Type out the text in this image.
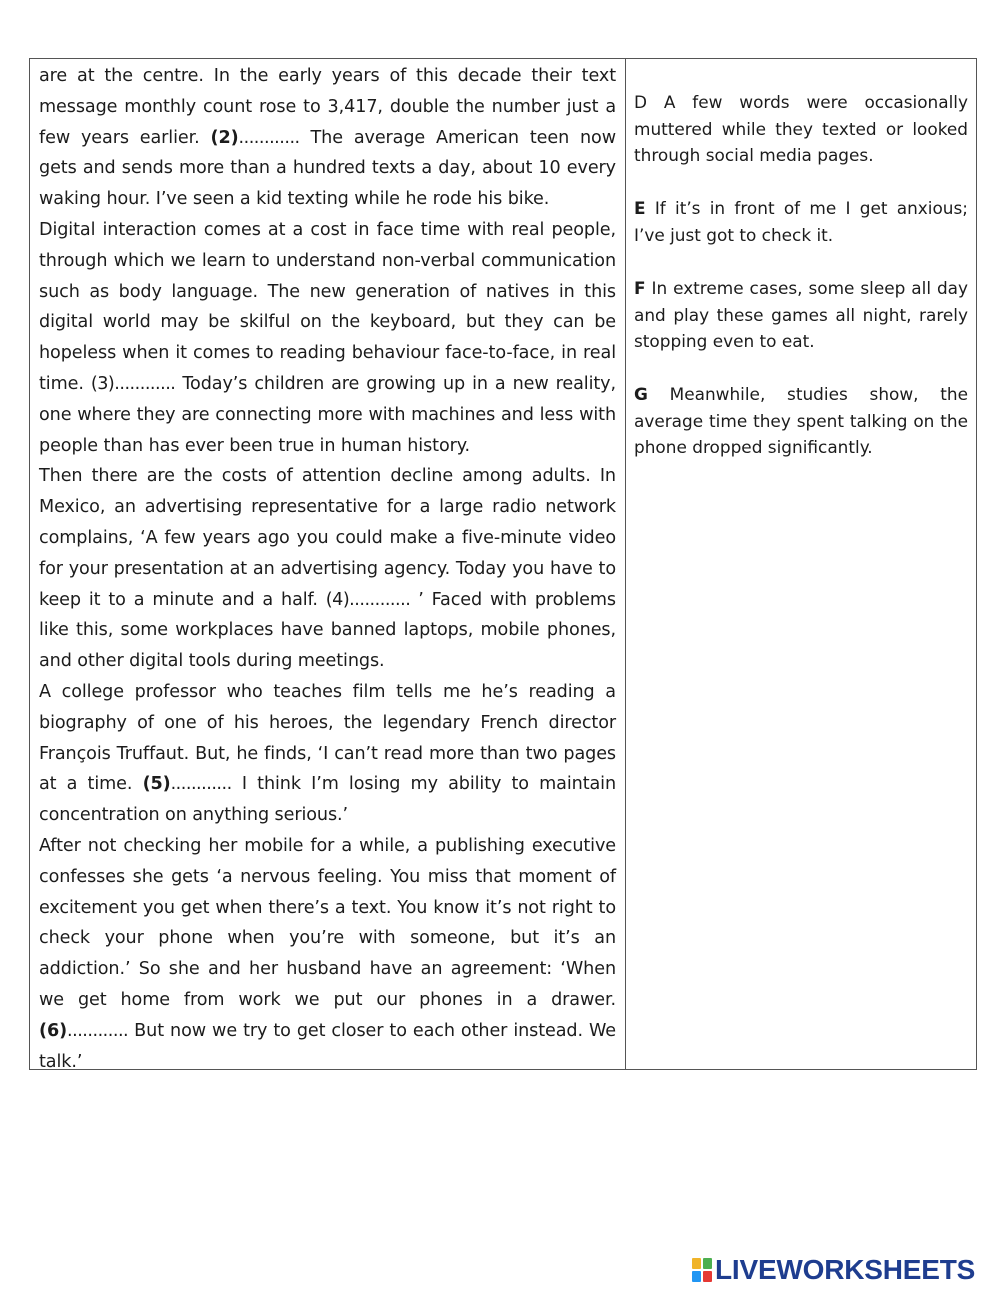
are at the centre. In the early years of this decade their text message monthly count rose to 3,417, double the number just a few years earlier. (2)............ The average American teen now gets and sends more than a hundred texts a day, about 10 every waking hour. I’ve seen a kid texting while he rode his bike.

Digital interaction comes at a cost in face time with real people, through which we learn to understand non-verbal communication such as body language. The new generation of natives in this digital world may be skilful on the keyboard, but they can be hopeless when it comes to reading behaviour face-to-face, in real time. (3)............ Today’s children are growing up in a new reality, one where they are connecting more with machines and less with people than has ever been true in human history.

Then there are the costs of attention decline among adults. In Mexico, an advertising representative for a large radio network complains, ‘A few years ago you could make a five-minute video for your presentation at an advertising agency. Today you have to keep it to a minute and a half. (4)............ ’ Faced with problems like this, some workplaces have banned laptops, mobile phones, and other digital tools during meetings.

A college professor who teaches film tells me he’s reading a biography of one of his heroes, the legendary French director François Truffaut. But, he finds, ‘I can’t read more than two pages at a time. (5)............ I think I’m losing my ability to maintain concentration on anything serious.’

After not checking her mobile for a while, a publishing executive confesses she gets ‘a nervous feeling. You miss that moment of excitement you get when there’s a text. You know it’s not right to check your phone when you’re with someone, but it’s an addiction.’ So she and her husband have an agreement: ‘When we get home from work we put our phones in a drawer. (6)............ But now we try to get closer to each other instead. We talk.’

D A few words were occasionally muttered while they texted or looked through social media pages.

E If it’s in front of me I get anxious; I’ve just got to check it.

F In extreme cases, some sleep all day and play these games all night, rarely stopping even to eat.

G Meanwhile, studies show, the average time they spent talking on the phone dropped significantly.

LIVEWORKSHEETS
